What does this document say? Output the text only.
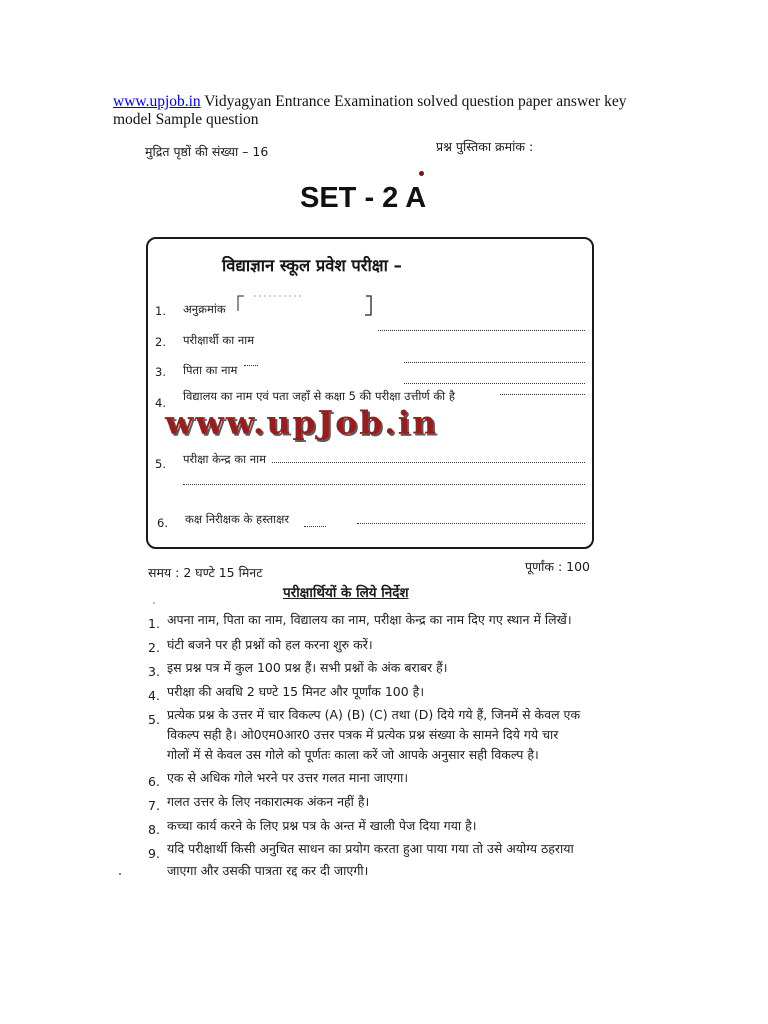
www.upjob.in Vidyagyan Entrance Examination solved question paper answer key
model Sample question
मुद्रित पृष्ठों की संख्या – 16	प्रश्न पुस्तिका क्रमांक :
SET - 2 A
विद्याज्ञान स्कूल प्रवेश परीक्षा –
1. अनुक्रमांक
2. परीक्षार्थी का नाम
3. पिता का नाम
4. विद्यालय का नाम एवं पता जहाँ से कक्षा 5 की परीक्षा उत्तीर्ण की है
www.upJob.in
5. परीक्षा केन्द्र का नाम
6. कक्ष निरीक्षक के हस्ताक्षर
समय : 2 घण्टे 15 मिनट	पूर्णांक : 100
परीक्षार्थियों के लिये निर्देश
1. अपना नाम, पिता का नाम, विद्यालय का नाम, परीक्षा केन्द्र का नाम दिए गए स्थान में लिखें।
2. घंटी बजने पर ही प्रश्नों को हल करना शुरु करें।
3. इस प्रश्न पत्र में कुल 100 प्रश्न हैं। सभी प्रश्नों के अंक बराबर हैं।
4. परीक्षा की अवधि 2 घण्टे 15 मिनट और पूर्णांक 100 है।
5. प्रत्येक प्रश्न के उत्तर में चार विकल्प (A) (B) (C) तथा (D) दिये गये हैं, जिनमें से केवल एक
विकल्प सही है। ओ0एम0आर0 उत्तर पत्रक में प्रत्येक प्रश्न संख्या के सामने दिये गये चार
गोलों में से केवल उस गोले को पूर्णतः काला करें जो आपके अनुसार सही विकल्प है।
6. एक से अधिक गोले भरने पर उत्तर गलत माना जाएगा।
7. गलत उत्तर के लिए नकारात्मक अंकन नहीं है।
8. कच्चा कार्य करने के लिए प्रश्न पत्र के अन्त में खाली पेज दिया गया है।
9. यदि परीक्षार्थी किसी अनुचित साधन का प्रयोग करता हुआ पाया गया तो उसे अयोग्य ठहराया
जाएगा और उसकी पात्रता रद्द कर दी जाएगी।
